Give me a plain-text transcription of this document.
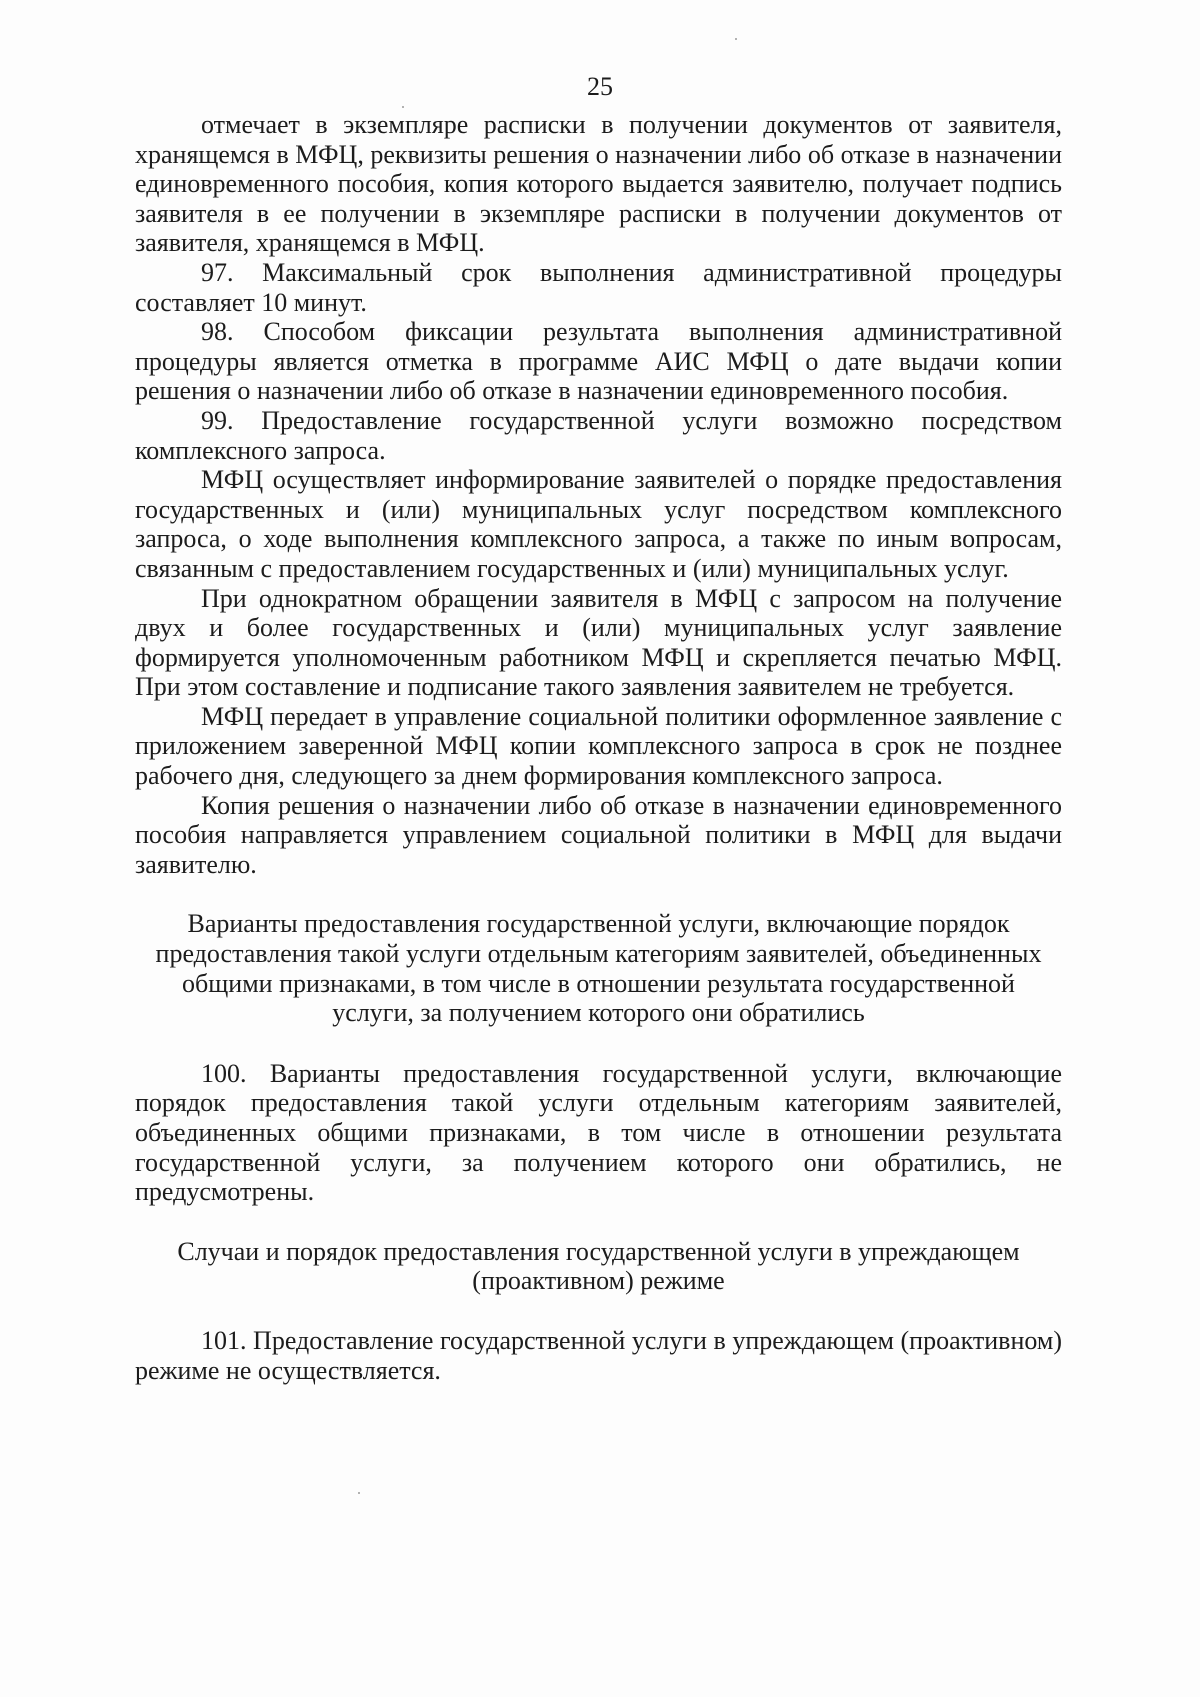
25

отмечает в экземпляре расписки в получении документов от заявителя, хранящемся в МФЦ, реквизиты решения о назначении либо об отказе в назначении единовременного пособия, копия которого выдается заявителю, получает подпись заявителя в ее получении в экземпляре расписки в получении документов от заявителя, хранящемся в МФЦ.

97. Максимальный срок выполнения административной процедуры составляет 10 минут.

98. Способом фиксации результата выполнения административной процедуры является отметка в программе АИС МФЦ о дате выдачи копии решения о назначении либо об отказе в назначении единовременного пособия.

99. Предоставление государственной услуги возможно посредством комплексного запроса.

МФЦ осуществляет информирование заявителей о порядке предоставления государственных и (или) муниципальных услуг посредством комплексного запроса, о ходе выполнения комплексного запроса, а также по иным вопросам, связанным с предоставлением государственных и (или) муниципальных услуг.

При однократном обращении заявителя в МФЦ с запросом на получение двух и более государственных и (или) муниципальных услуг заявление формируется уполномоченным работником МФЦ и скрепляется печатью МФЦ. При этом составление и подписание такого заявления заявителем не требуется.

МФЦ передает в управление социальной политики оформленное заявление с приложением заверенной МФЦ копии комплексного запроса в срок не позднее рабочего дня, следующего за днем формирования комплексного запроса.

Копия решения о назначении либо об отказе в назначении единовременного пособия направляется управлением социальной политики в МФЦ для выдачи заявителю.

Варианты предоставления государственной услуги, включающие порядок предоставления такой услуги отдельным категориям заявителей, объединенных общими признаками, в том числе в отношении результата государственной услуги, за получением которого они обратились

100. Варианты предоставления государственной услуги, включающие порядок предоставления такой услуги отдельным категориям заявителей, объединенных общими признаками, в том числе в отношении результата государственной услуги, за получением которого они обратились, не предусмотрены.

Случаи и порядок предоставления государственной услуги в упреждающем (проактивном) режиме

101. Предоставление государственной услуги в упреждающем (проактивном) режиме не осуществляется.
